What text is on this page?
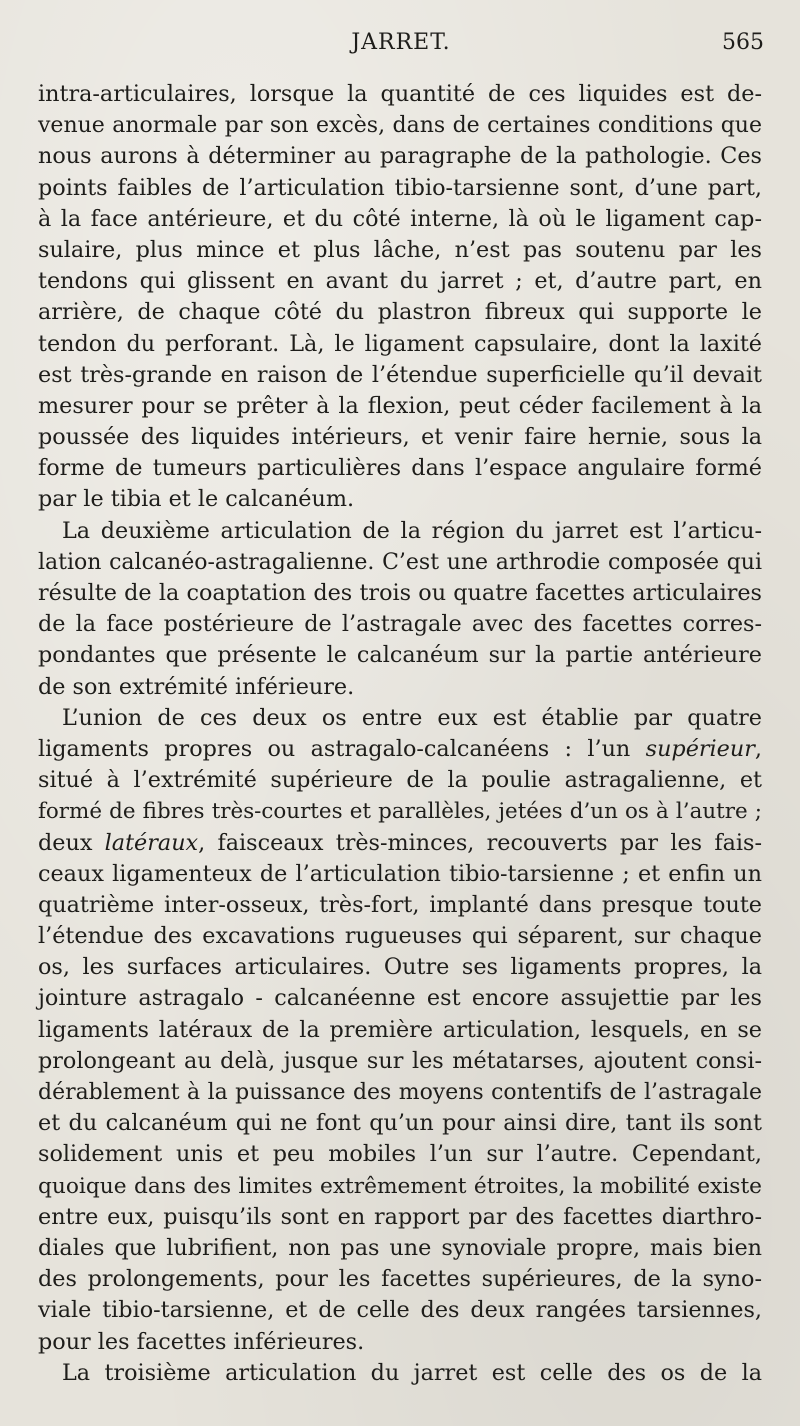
JARRET.	565
intra-articulaires, lorsque la quantité de ces liquides est de-
venue anormale par son excès, dans de certaines conditions que
nous aurons à déterminer au paragraphe de la pathologie. Ces
points faibles de l’articulation tibio-tarsienne sont, d’une part,
à la face antérieure, et du côté interne, là où le ligament cap-
sulaire, plus mince et plus lâche, n’est pas soutenu par les
tendons qui glissent en avant du jarret ; et, d’autre part, en
arrière, de chaque côté du plastron fibreux qui supporte le
tendon du perforant. Là, le ligament capsulaire, dont la laxité
est très-grande en raison de l’étendue superficielle qu’il devait
mesurer pour se prêter à la flexion, peut céder facilement à la
poussée des liquides intérieurs, et venir faire hernie, sous la
forme de tumeurs particulières dans l’espace angulaire formé
par le tibia et le calcanéum.
La deuxième articulation de la région du jarret est l’articu-
lation calcanéo-astragalienne. C’est une arthrodie composée qui
résulte de la coaptation des trois ou quatre facettes articulaires
de la face postérieure de l’astragale avec des facettes corres-
pondantes que présente le calcanéum sur la partie antérieure
de son extrémité inférieure.
L’union de ces deux os entre eux est établie par quatre
ligaments propres ou astragalo-calcanéens : l’un supérieur,
situé à l’extrémité supérieure de la poulie astragalienne, et
formé de fibres très-courtes et parallèles, jetées d’un os à l’autre ;
deux latéraux, faisceaux très-minces, recouverts par les fais-
ceaux ligamenteux de l’articulation tibio-tarsienne ; et enfin un
quatrième inter-osseux, très-fort, implanté dans presque toute
l’étendue des excavations rugueuses qui séparent, sur chaque
os, les surfaces articulaires. Outre ses ligaments propres, la
jointure astragalo - calcanéenne est encore assujettie par les
ligaments latéraux de la première articulation, lesquels, en se
prolongeant au delà, jusque sur les métatarses, ajoutent consi-
dérablement à la puissance des moyens contentifs de l’astragale
et du calcanéum qui ne font qu’un pour ainsi dire, tant ils sont
solidement unis et peu mobiles l’un sur l’autre. Cependant,
quoique dans des limites extrêmement étroites, la mobilité existe
entre eux, puisqu’ils sont en rapport par des facettes diarthro-
diales que lubrifient, non pas une synoviale propre, mais bien
des prolongements, pour les facettes supérieures, de la syno-
viale tibio-tarsienne, et de celle des deux rangées tarsiennes,
pour les facettes inférieures.
La troisième articulation du jarret est celle des os de la
